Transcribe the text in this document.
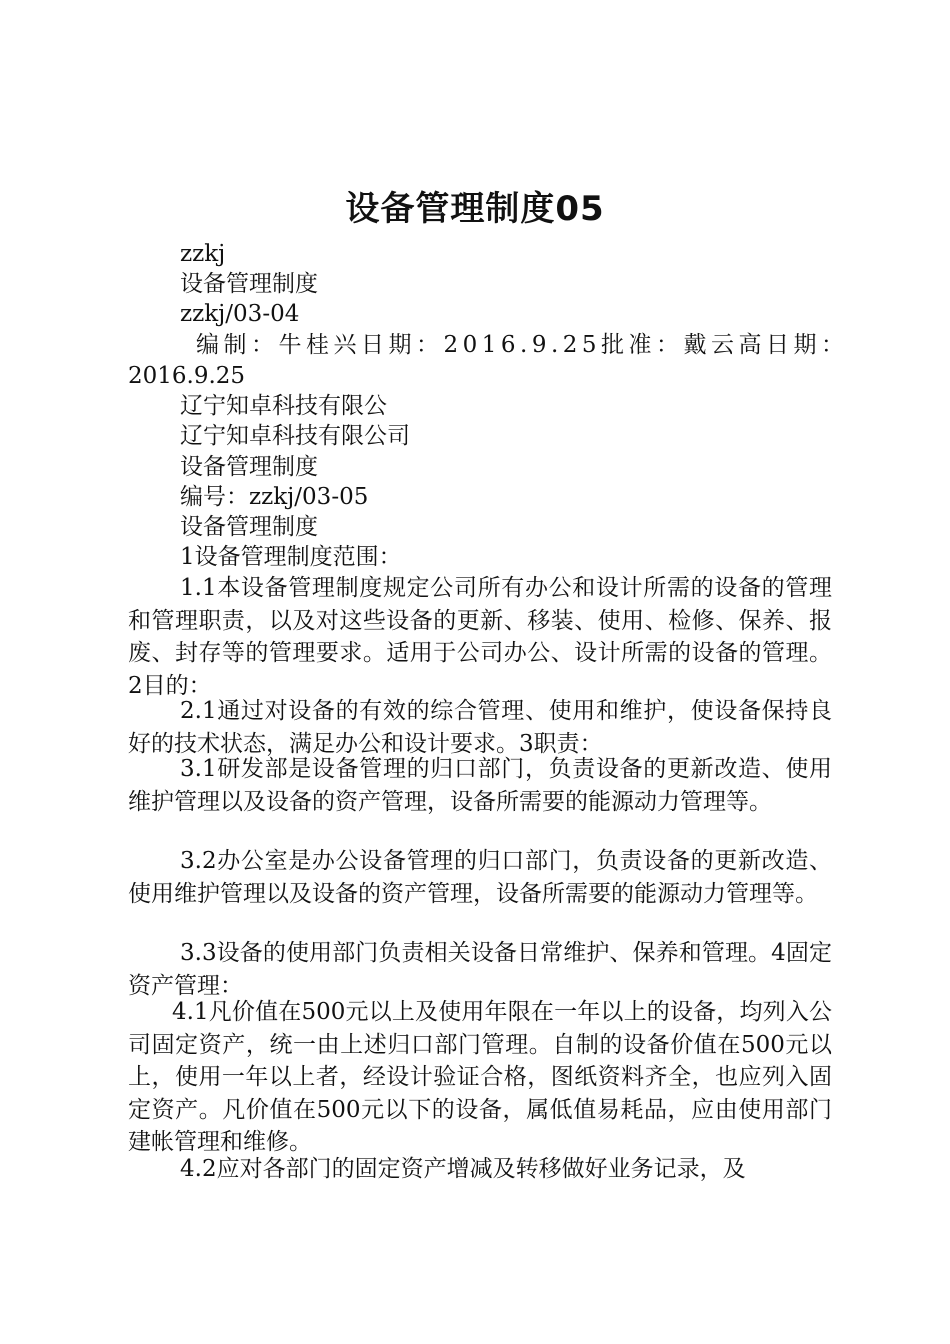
设备管理制度05
zzkj
设备管理制度
zzkj/03-04
编制：牛桂兴日期：2016.9.25批准：戴云高日期：
2016.9.25
辽宁知卓科技有限公
辽宁知卓科技有限公司
设备管理制度
编号：zzkj/03-05
设备管理制度
1设备管理制度范围：
1.1本设备管理制度规定公司所有办公和设计所需的设备的管理和管理职责，以及对这些设备的更新、移装、使用、检修、保养、报废、封存等的管理要求。适用于公司办公、设计所需的设备的管理。2目的：
2.1通过对设备的有效的综合管理、使用和维护，使设备保持良好的技术状态，满足办公和设计要求。3职责：
3.1研发部是设备管理的归口部门，负责设备的更新改造、使用维护管理以及设备的资产管理，设备所需要的能源动力管理等。
3.2办公室是办公设备管理的归口部门，负责设备的更新改造、使用维护管理以及设备的资产管理，设备所需要的能源动力管理等。
3.3设备的使用部门负责相关设备日常维护、保养和管理。4固定资产管理：
4.1凡价值在500元以上及使用年限在一年以上的设备，均列入公司固定资产，统一由上述归口部门管理。自制的设备价值在500元以上，使用一年以上者，经设计验证合格，图纸资料齐全，也应列入固定资产。凡价值在500元以下的设备，属低值易耗品，应由使用部门建帐管理和维修。
4.2应对各部门的固定资产增减及转移做好业务记录，及
